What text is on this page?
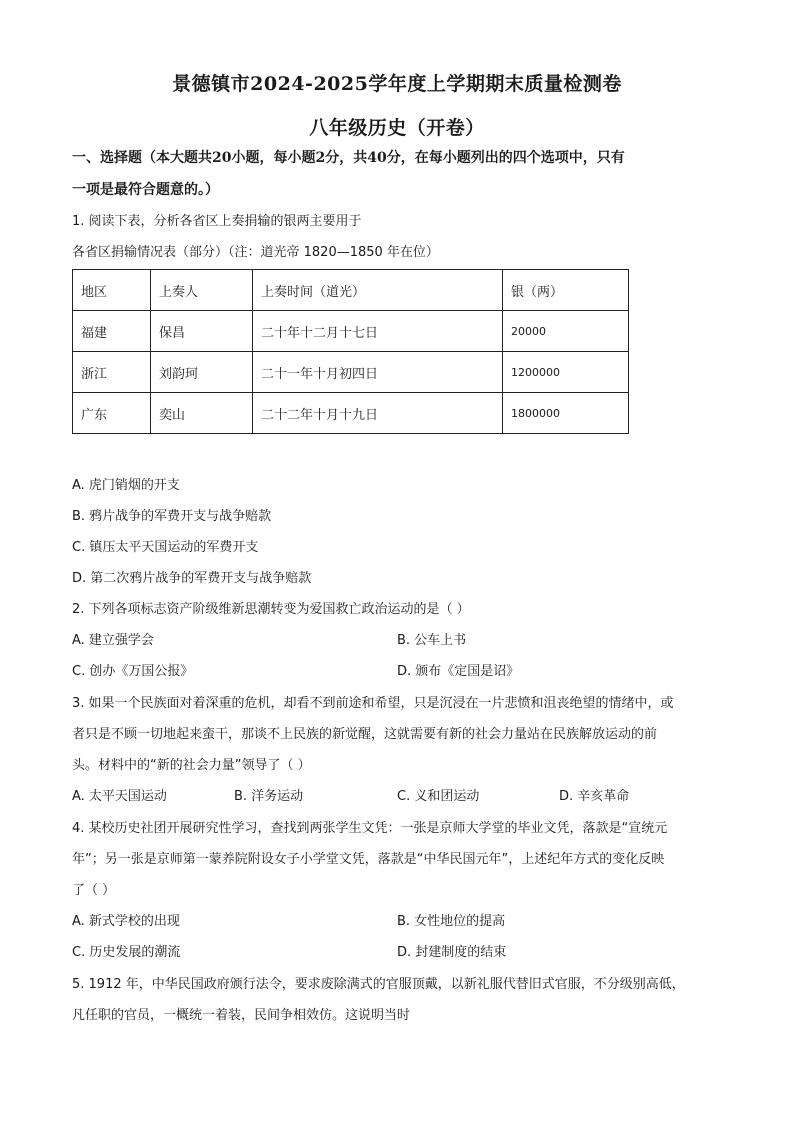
景德镇市2024-2025学年度上学期期末质量检测卷
八年级历史（开卷）
一、选择题（本大题共20小题，每小题2分，共40分，在每小题列出的四个选项中，只有
一项是最符合题意的。）
1. 阅读下表，分析各省区上奏捐输的银两主要用于
各省区捐输情况表（部分）（注：道光帝 1820—1850 年在位）
地区	上奏人	上奏时间（道光）	银（两）
福建	保昌	二十年十二月十七日	20000
浙江	刘韵珂	二十一年十月初四日	1200000
广东	奕山	二十二年十月十九日	1800000
A. 虎门销烟的开支
B. 鸦片战争的军费开支与战争赔款
C. 镇压太平天国运动的军费开支
D. 第二次鸦片战争的军费开支与战争赔款
2. 下列各项标志资产阶级维新思潮转变为爱国救亡政治运动的是（ ）
A. 建立强学会	B. 公车上书
C. 创办《万国公报》	D. 颁布《定国是诏》
3. 如果一个民族面对着深重的危机，却看不到前途和希望，只是沉浸在一片悲愤和沮丧绝望的情绪中，或
者只是不顾一切地起来蛮干，那谈不上民族的新觉醒，这就需要有新的社会力量站在民族解放运动的前
头。材料中的“新的社会力量”领导了（ ）
A. 太平天国运动	B. 洋务运动	C. 义和团运动	D. 辛亥革命
4. 某校历史社团开展研究性学习，查找到两张学生文凭：一张是京师大学堂的毕业文凭，落款是“宣统元
年”；另一张是京师第一蒙养院附设女子小学堂文凭，落款是“中华民国元年”，上述纪年方式的变化反映
了（ ）
A. 新式学校的出现	B. 女性地位的提高
C. 历史发展的潮流	D. 封建制度的结束
5. 1912 年，中华民国政府颁行法令，要求废除满式的官服顶戴，以新礼服代替旧式官服，不分级别高低，
凡任职的官员，一概统一着装，民间争相效仿。这说明当时
